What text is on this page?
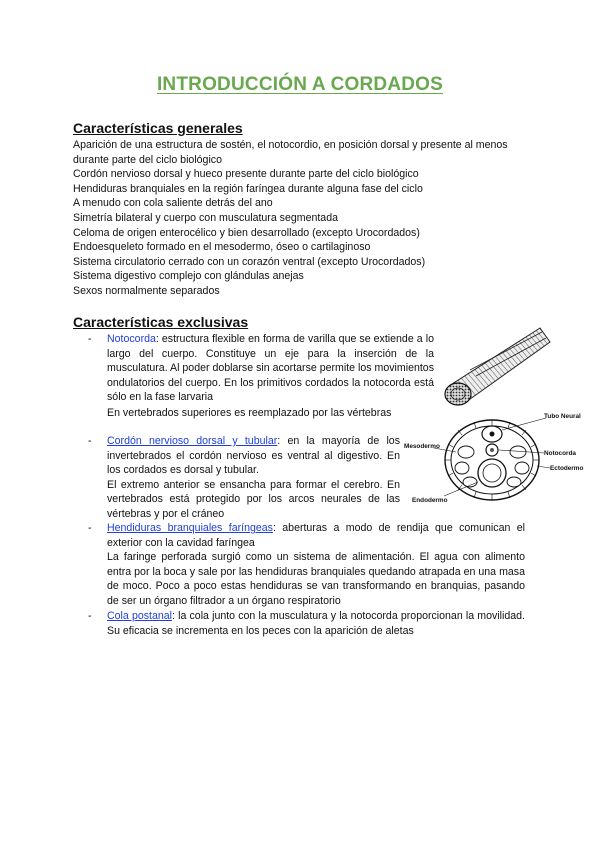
INTRODUCCIÓN A CORDADOS
Características generales
Aparición de una estructura de sostén, el notocordio, en posición dorsal y presente al menos durante parte del ciclo biológico
Cordón nervioso dorsal y hueco presente durante parte del ciclo biológico
Hendiduras branquiales en la región faríngea durante alguna fase del ciclo
A menudo con cola saliente detrás del ano
Simetría bilateral y cuerpo con musculatura segmentada
Celoma de origen enterocélico y bien desarrollado (excepto Urocordados)
Endoesqueleto formado en el mesodermo, óseo o cartilaginoso
Sistema circulatorio cerrado con un corazón ventral (excepto Urocordados)
Sistema digestivo complejo con glándulas anejas
Sexos normalmente separados
Características exclusivas
- Notocorda: estructura flexible en forma de varilla que se extiende a lo largo del cuerpo. Constituye un eje para la inserción de la musculatura. Al poder doblarse sin acortarse permite los movimientos ondulatorios del cuerpo. En los primitivos cordados la notocorda está sólo en la fase larvaria
En vertebrados superiores es reemplazado por las vértebras
- Cordón nervioso dorsal y tubular: en la mayoría de los invertebrados el cordón nervioso es ventral al digestivo. En los cordados es dorsal y tubular.
El extremo anterior se ensancha para formar el cerebro. En vertebrados está protegido por los arcos neurales de las vértebras y por el cráneo
- Hendiduras branquiales faríngeas: aberturas a modo de rendija que comunican el exterior con la cavidad faríngea
La faringe perforada surgió como un sistema de alimentación. El agua con alimento entra por la boca y sale por las hendiduras branquiales quedando atrapada en una masa de moco. Poco a poco estas hendiduras se van transformando en branquias, pasando de ser un órgano filtrador a un órgano respiratorio
- Cola postanal: la cola junto con la musculatura y la notocorda proporcionan la movilidad. Su eficacia se incrementa en los peces con la aparición de aletas
Tubo Neural
Mesodermo
Notocorda
Ectodermo
Endodermo
